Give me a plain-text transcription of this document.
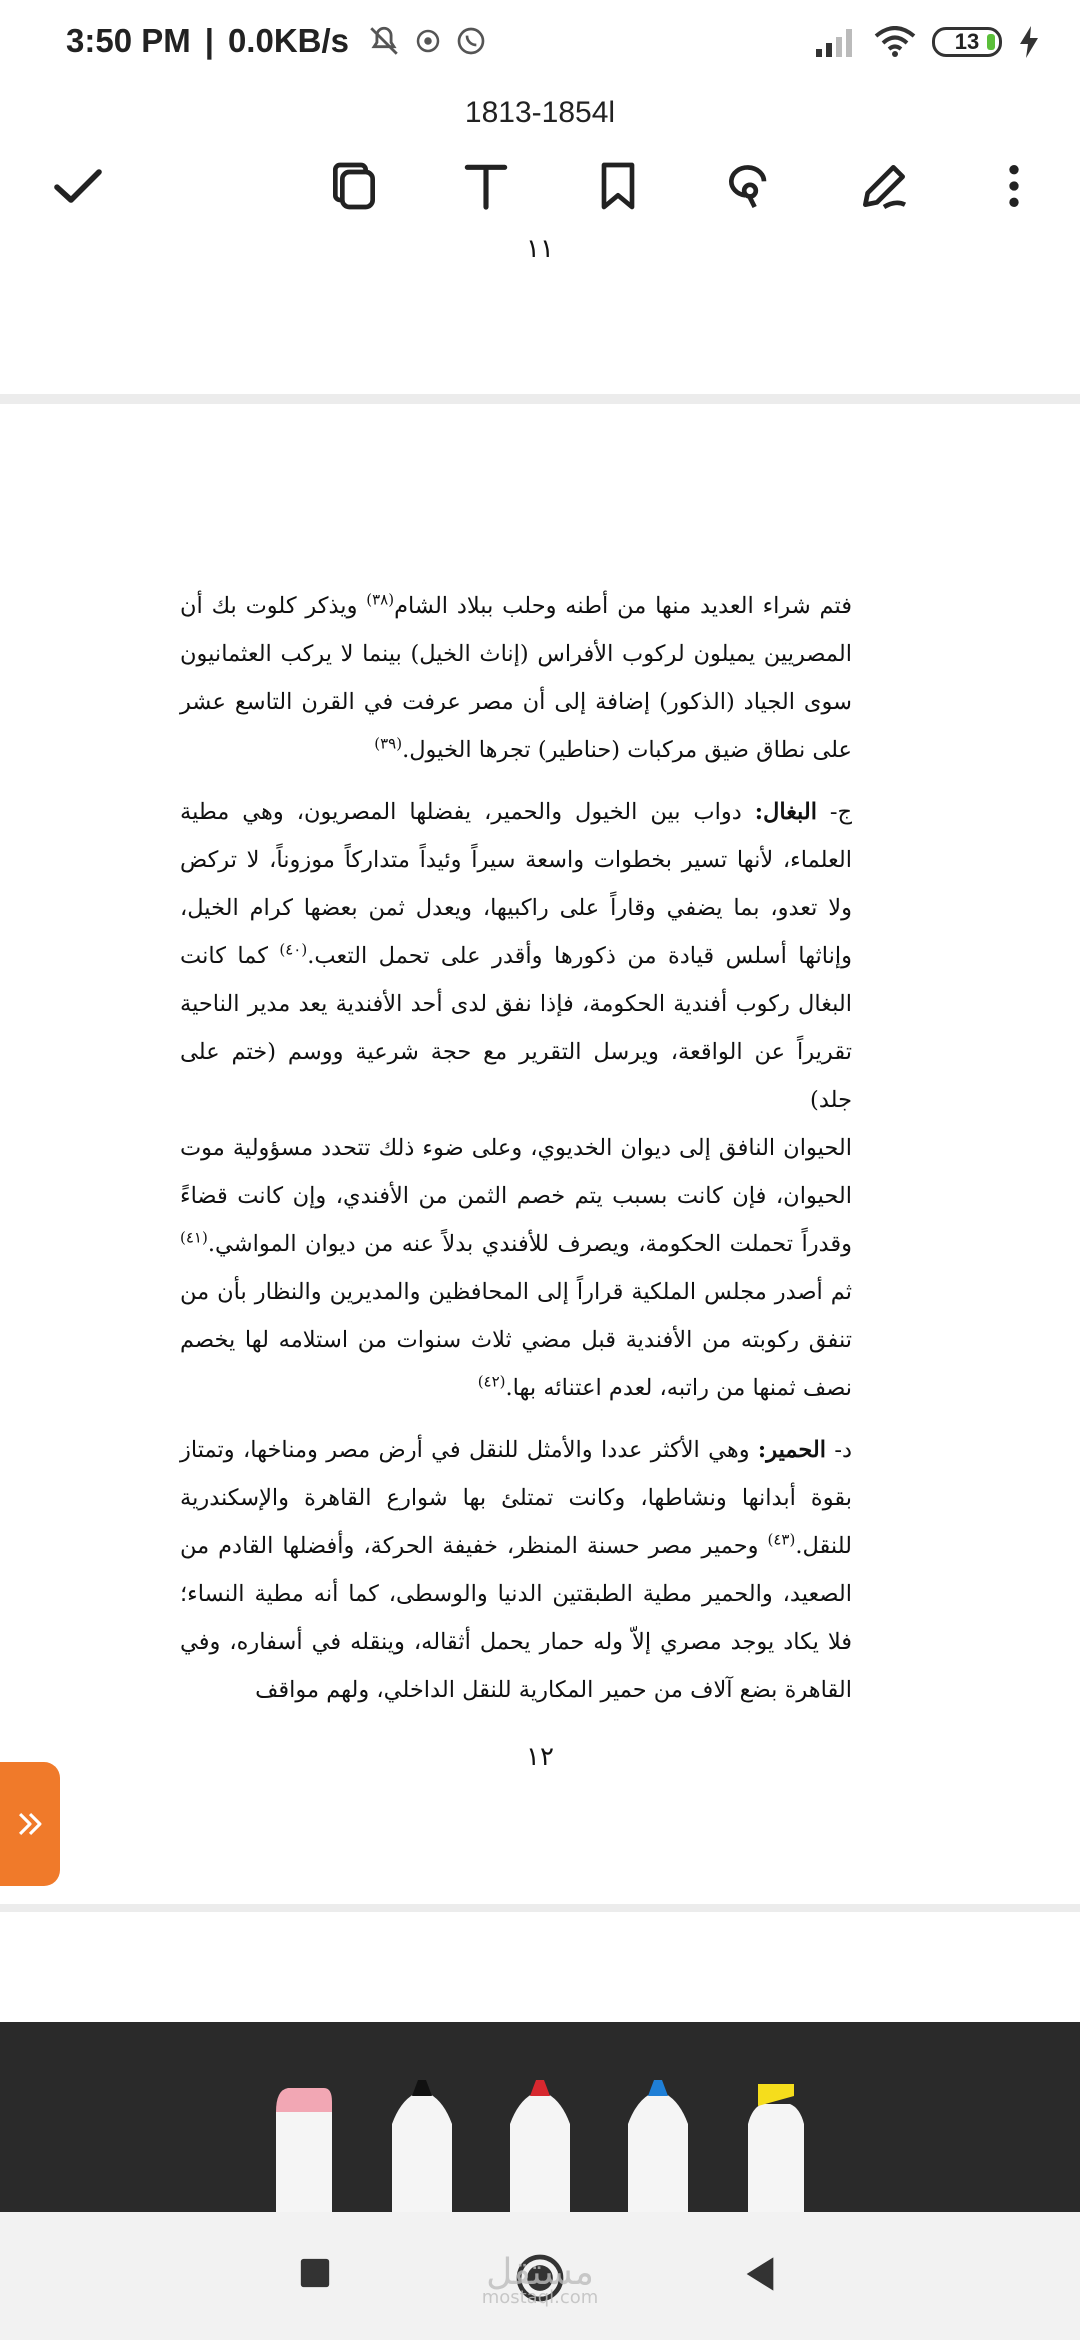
3:50 PM | 0.0KB/s	13
1813-1854l
١١
فتم شراء العديد منها من أطنه وحلب ببلاد الشام$^{(٣٨)}$ ويذكر كلوت بك أن
المصريين يميلون لركوب الأفراس (إناث الخيل) بينما لا يركب العثمانيون
سوى الجياد (الذكور) إضافة إلى أن مصر عرفت في القرن التاسع عشر
على نطاق ضيق مركبات (حناطير) تجرها الخيول.$^{(٣٩)}$
ج- البغال: دواب بين الخيول والحمير، يفضلها المصريون، وهي مطية
العلماء، لأنها تسير بخطوات واسعة سيراً وئيداً متداركاً موزوناً، لا تركض
ولا تعدو، بما يضفي وقاراً على راكبيها، ويعدل ثمن بعضها كرام الخيل،
وإناثها أسلس قيادة من ذكورها وأقدر على تحمل التعب.$^{(٤٠)}$ كما كانت
البغال ركوب أفندية الحكومة، فإذا نفق لدى أحد الأفندية يعد مدير الناحية
تقريراً عن الواقعة، ويرسل التقرير مع حجة شرعية ووسم (ختم على جلد)
الحيوان النافق إلى ديوان الخديوي، وعلى ضوء ذلك تتحدد مسؤولية موت
الحيوان، فإن كانت بسبب يتم خصم الثمن من الأفندي، وإن كانت قضاءً
وقدراً تحملت الحكومة، ويصرف للأفندي بدلاً عنه من ديوان المواشي.$^{(٤١)}$
ثم أصدر مجلس الملكية قراراً إلى المحافظين والمديرين والنظار بأن من
تنفق ركوبته من الأفندية قبل مضي ثلاث سنوات من استلامه لها يخصم
نصف ثمنها من راتبه، لعدم اعتنائه بها.$^{(٤٢)}$
د- الحمير: وهي الأكثر عددا والأمثل للنقل في أرض مصر ومناخها، وتمتاز
بقوة أبدانها ونشاطها، وكانت تمتلئ بها شوارع القاهرة والإسكندرية
للنقل.$^{(٤٣)}$ وحمير مصر حسنة المنظر، خفيفة الحركة، وأفضلها القادم من
الصعيد، والحمير مطية الطبقتين الدنيا والوسطى، كما أنه مطية النساء؛
فلا يكاد يوجد مصري إلاّ وله حمار يحمل أثقاله، وينقله في أسفاره، وفي
القاهرة بضع آلاف من حمير المكارية للنقل الداخلي، ولهم مواقف
١٢
مستقل
mostaql.com
